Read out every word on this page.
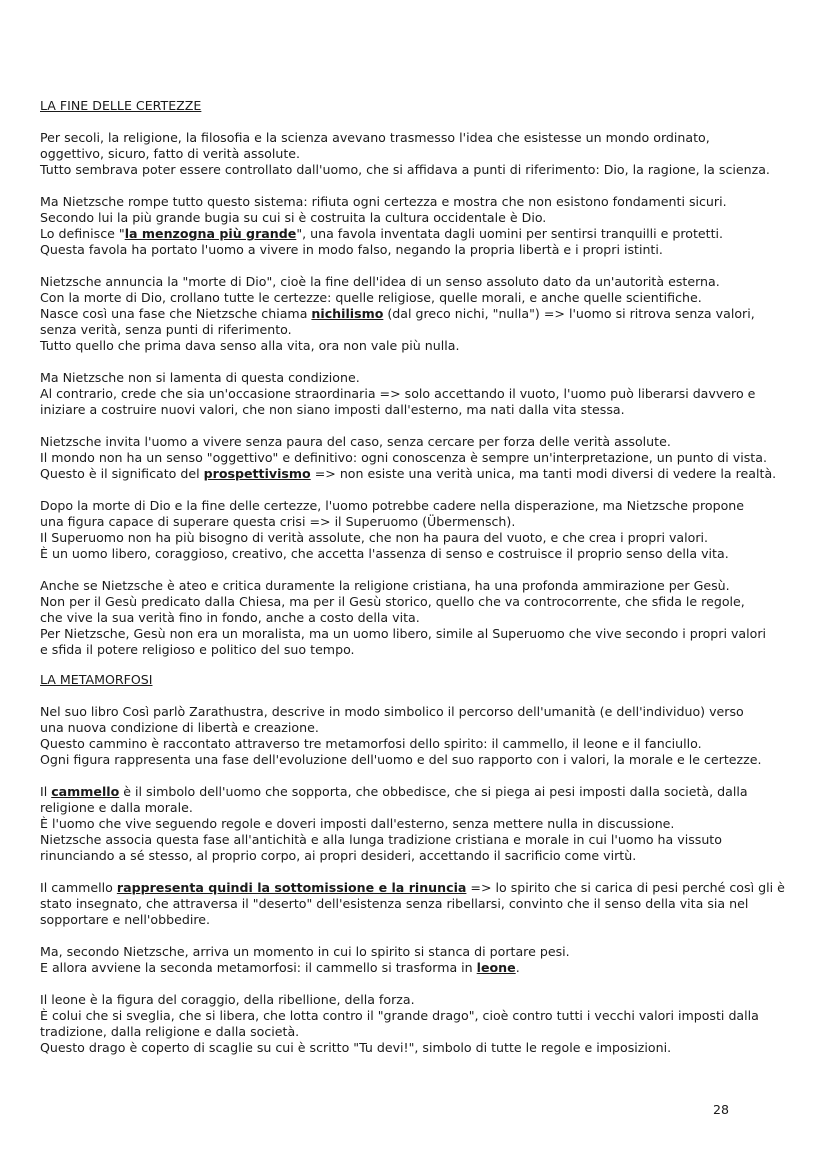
LA FINE DELLE CERTEZZE
Per secoli, la religione, la filosofia e la scienza avevano trasmesso l'idea che esistesse un mondo ordinato,
oggettivo, sicuro, fatto di verità assolute.
Tutto sembrava poter essere controllato dall'uomo, che si affidava a punti di riferimento: Dio, la ragione, la scienza.
Ma Nietzsche rompe tutto questo sistema: rifiuta ogni certezza e mostra che non esistono fondamenti sicuri.
Secondo lui la più grande bugia su cui si è costruita la cultura occidentale è Dio.
Lo definisce "la menzogna più grande", una favola inventata dagli uomini per sentirsi tranquilli e protetti.
Questa favola ha portato l'uomo a vivere in modo falso, negando la propria libertà e i propri istinti.
Nietzsche annuncia la "morte di Dio", cioè la fine dell'idea di un senso assoluto dato da un'autorità esterna.
Con la morte di Dio, crollano tutte le certezze: quelle religiose, quelle morali, e anche quelle scientifiche.
Nasce così una fase che Nietzsche chiama nichilismo (dal greco nichi, "nulla") => l'uomo si ritrova senza valori,
senza verità, senza punti di riferimento.
Tutto quello che prima dava senso alla vita, ora non vale più nulla.
Ma Nietzsche non si lamenta di questa condizione.
Al contrario, crede che sia un'occasione straordinaria => solo accettando il vuoto, l'uomo può liberarsi davvero e
iniziare a costruire nuovi valori, che non siano imposti dall'esterno, ma nati dalla vita stessa.
Nietzsche invita l'uomo a vivere senza paura del caso, senza cercare per forza delle verità assolute.
Il mondo non ha un senso "oggettivo" e definitivo: ogni conoscenza è sempre un'interpretazione, un punto di vista.
Questo è il significato del prospettivismo => non esiste una verità unica, ma tanti modi diversi di vedere la realtà.
Dopo la morte di Dio e la fine delle certezze, l'uomo potrebbe cadere nella disperazione, ma Nietzsche propone
una figura capace di superare questa crisi => il Superuomo (Übermensch).
Il Superuomo non ha più bisogno di verità assolute, che non ha paura del vuoto, e che crea i propri valori.
È un uomo libero, coraggioso, creativo, che accetta l'assenza di senso e costruisce il proprio senso della vita.
Anche se Nietzsche è ateo e critica duramente la religione cristiana, ha una profonda ammirazione per Gesù.
Non per il Gesù predicato dalla Chiesa, ma per il Gesù storico, quello che va controcorrente, che sfida le regole,
che vive la sua verità fino in fondo, anche a costo della vita.
Per Nietzsche, Gesù non era un moralista, ma un uomo libero, simile al Superuomo che vive secondo i propri valori
e sfida il potere religioso e politico del suo tempo.
LA METAMORFOSI
Nel suo libro Così parlò Zarathustra, descrive in modo simbolico il percorso dell'umanità (e dell'individuo) verso
una nuova condizione di libertà e creazione.
Questo cammino è raccontato attraverso tre metamorfosi dello spirito: il cammello, il leone e il fanciullo.
Ogni figura rappresenta una fase dell'evoluzione dell'uomo e del suo rapporto con i valori, la morale e le certezze.
Il cammello è il simbolo dell'uomo che sopporta, che obbedisce, che si piega ai pesi imposti dalla società, dalla
religione e dalla morale.
È l'uomo che vive seguendo regole e doveri imposti dall'esterno, senza mettere nulla in discussione.
Nietzsche associa questa fase all'antichità e alla lunga tradizione cristiana e morale in cui l'uomo ha vissuto
rinunciando a sé stesso, al proprio corpo, ai propri desideri, accettando il sacrificio come virtù.
Il cammello rappresenta quindi la sottomissione e la rinuncia => lo spirito che si carica di pesi perché così gli è
stato insegnato, che attraversa il "deserto" dell'esistenza senza ribellarsi, convinto che il senso della vita sia nel
sopportare e nell'obbedire.
Ma, secondo Nietzsche, arriva un momento in cui lo spirito si stanca di portare pesi.
E allora avviene la seconda metamorfosi: il cammello si trasforma in leone.
Il leone è la figura del coraggio, della ribellione, della forza.
È colui che si sveglia, che si libera, che lotta contro il "grande drago", cioè contro tutti i vecchi valori imposti dalla
tradizione, dalla religione e dalla società.
Questo drago è coperto di scaglie su cui è scritto "Tu devi!", simbolo di tutte le regole e imposizioni.
28
